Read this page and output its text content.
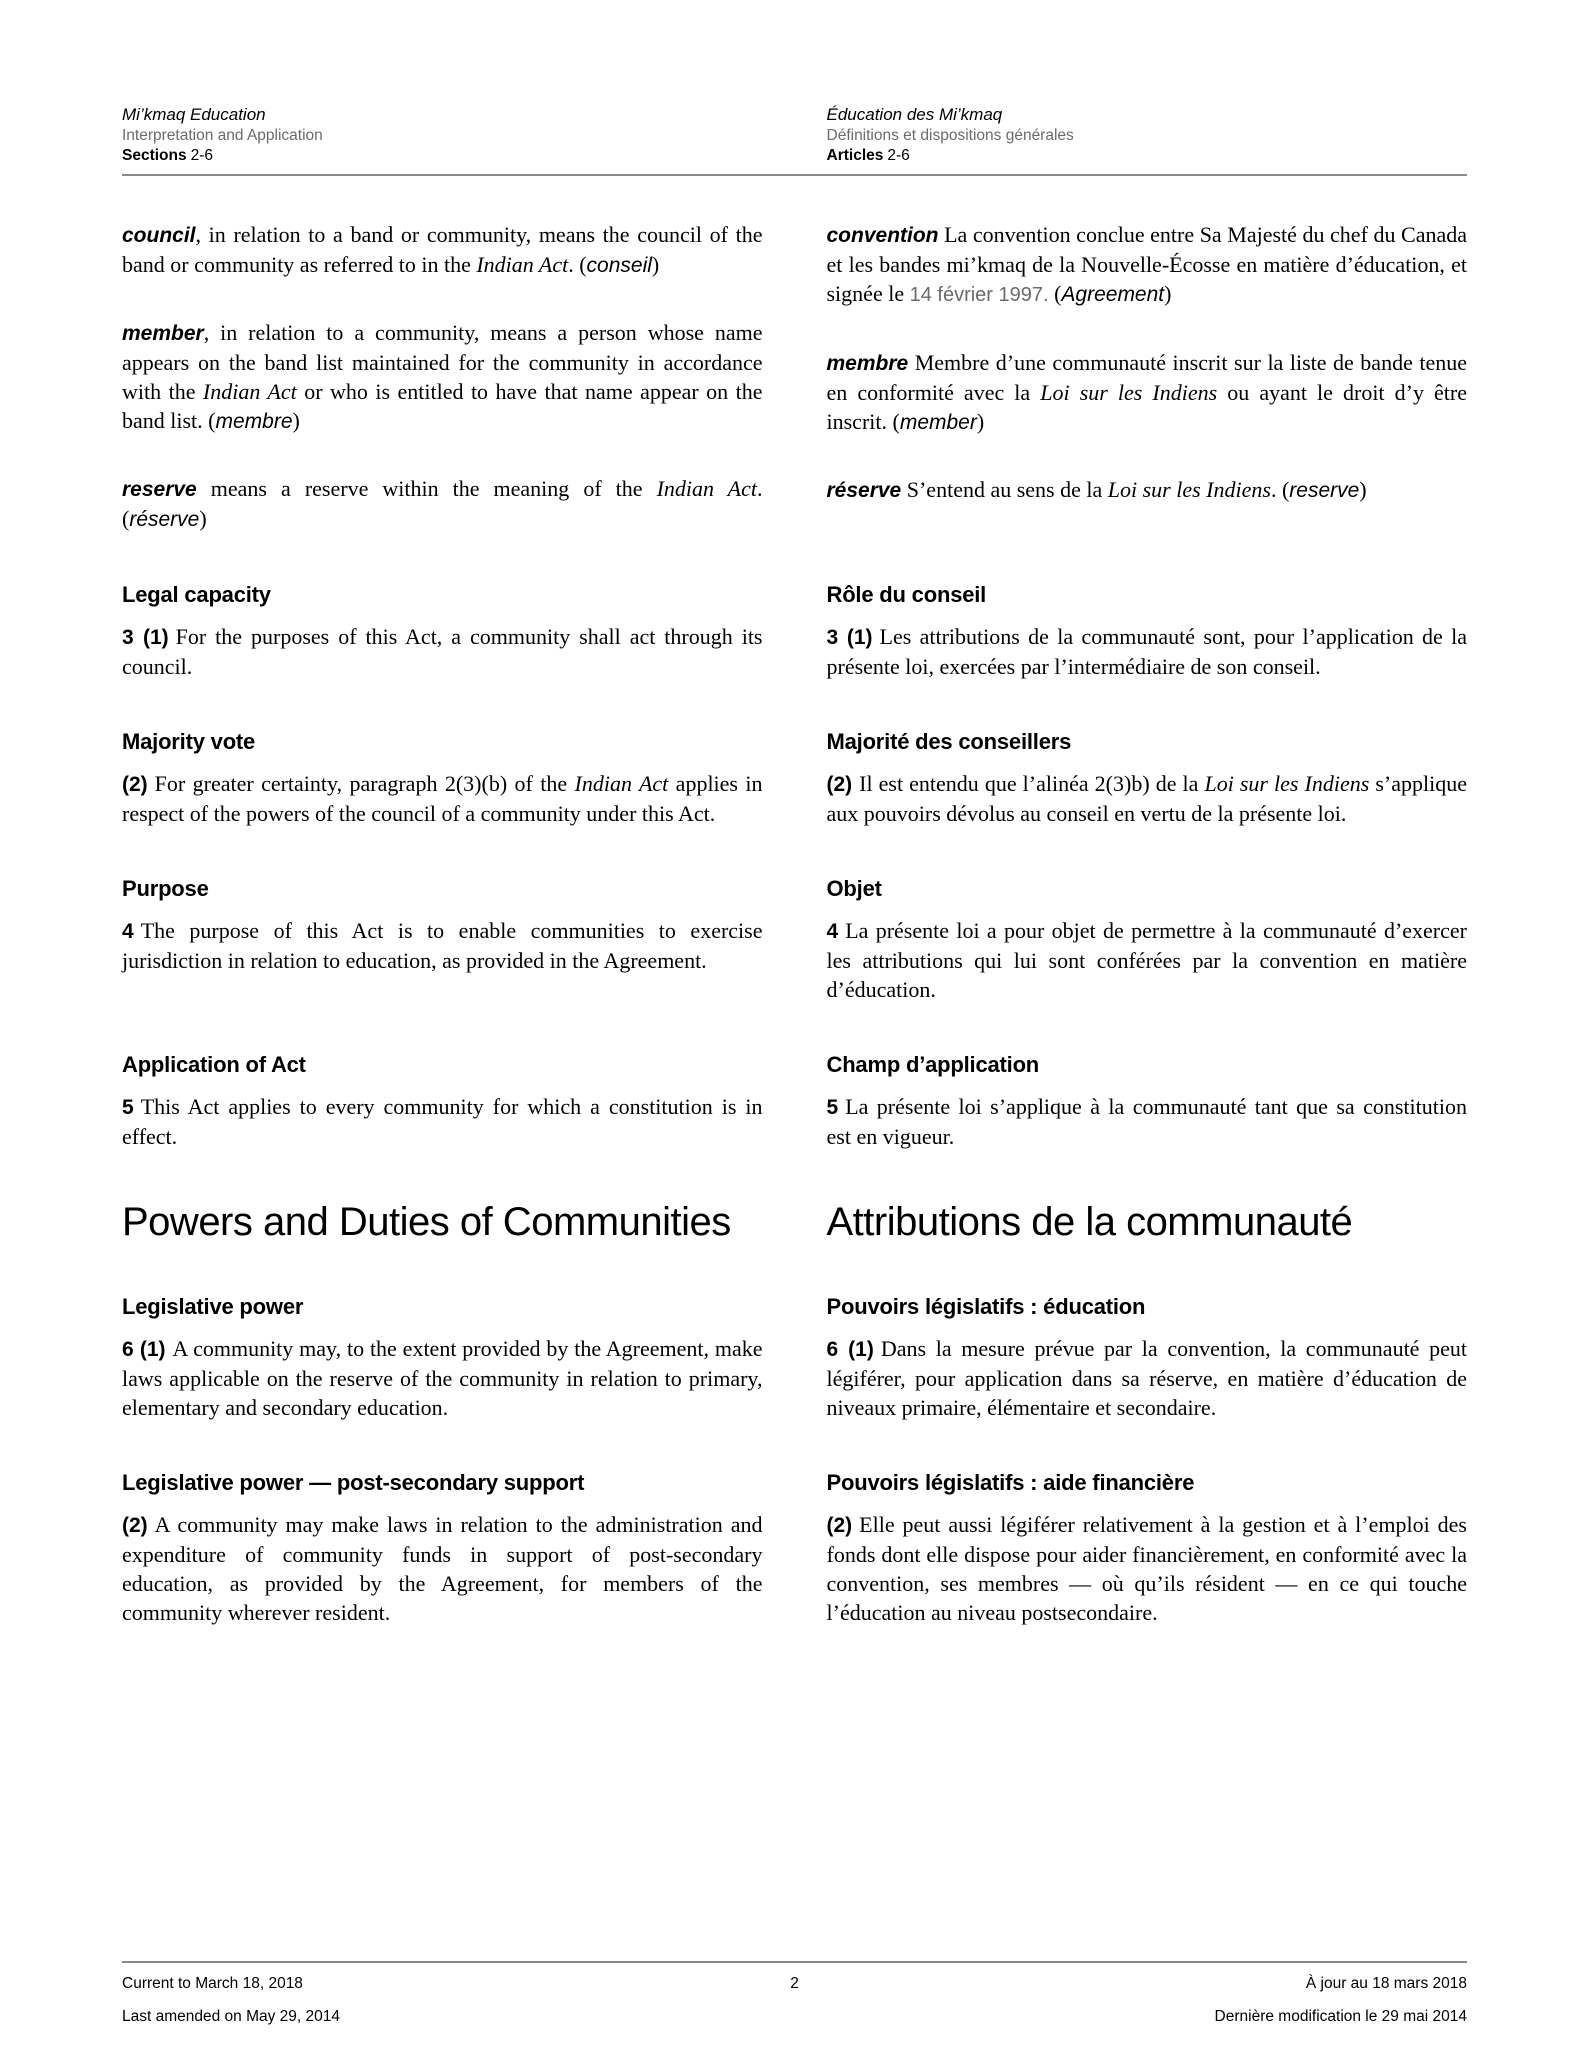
Mi’kmaq Education
Interpretation and Application
Sections 2-6
Éducation des Mi’kmaq
Définitions et dispositions générales
Articles 2-6

council, in relation to a band or community, means the council of the band or community as referred to in the Indian Act. (conseil)

member, in relation to a community, means a person whose name appears on the band list maintained for the community in accordance with the Indian Act or who is entitled to have that name appear on the band list. (membre)

reserve means a reserve within the meaning of the Indian Act. (réserve)

convention La convention conclue entre Sa Majesté du chef du Canada et les bandes mi’kmaq de la Nouvelle-Écosse en matière d’éducation, et signée le 14 février 1997. (Agreement)

membre Membre d’une communauté inscrit sur la liste de bande tenue en conformité avec la Loi sur les Indiens ou ayant le droit d’y être inscrit. (member)

réserve S’entend au sens de la Loi sur les Indiens. (reserve)

Legal capacity

3 (1) For the purposes of this Act, a community shall act through its council.

Rôle du conseil

3 (1) Les attributions de la communauté sont, pour l’application de la présente loi, exercées par l’intermédiaire de son conseil.

Majority vote

(2) For greater certainty, paragraph 2(3)(b) of the Indian Act applies in respect of the powers of the council of a community under this Act.

Majorité des conseillers

(2) Il est entendu que l’alinéa 2(3)b) de la Loi sur les Indiens s’applique aux pouvoirs dévolus au conseil en vertu de la présente loi.

Purpose

4 The purpose of this Act is to enable communities to exercise jurisdiction in relation to education, as provided in the Agreement.

Objet

4 La présente loi a pour objet de permettre à la communauté d’exercer les attributions qui lui sont conférées par la convention en matière d’éducation.

Application of Act

5 This Act applies to every community for which a constitution is in effect.

Champ d’application

5 La présente loi s’applique à la communauté tant que sa constitution est en vigueur.

Powers and Duties of Communities	Attributions de la communauté
Legislative power

6 (1) A community may, to the extent provided by the Agreement, make laws applicable on the reserve of the community in relation to primary, elementary and secondary education.

Pouvoirs législatifs : éducation

6 (1) Dans la mesure prévue par la convention, la communauté peut légiférer, pour application dans sa réserve, en matière d’éducation de niveaux primaire, élémentaire et secondaire.

Legislative power — post-secondary support

(2) A community may make laws in relation to the administration and expenditure of community funds in support of post-secondary education, as provided by the Agreement, for members of the community wherever resident.

Pouvoirs législatifs : aide financière

(2) Elle peut aussi légiférer relativement à la gestion et à l’emploi des fonds dont elle dispose pour aider financièrement, en conformité avec la convention, ses membres — où qu’ils résident — en ce qui touche l’éducation au niveau postsecondaire.

Current to March 18, 2018	2	À jour au 18 mars 2018
Last amended on May 29, 2014	Dernière modification le 29 mai 2014
